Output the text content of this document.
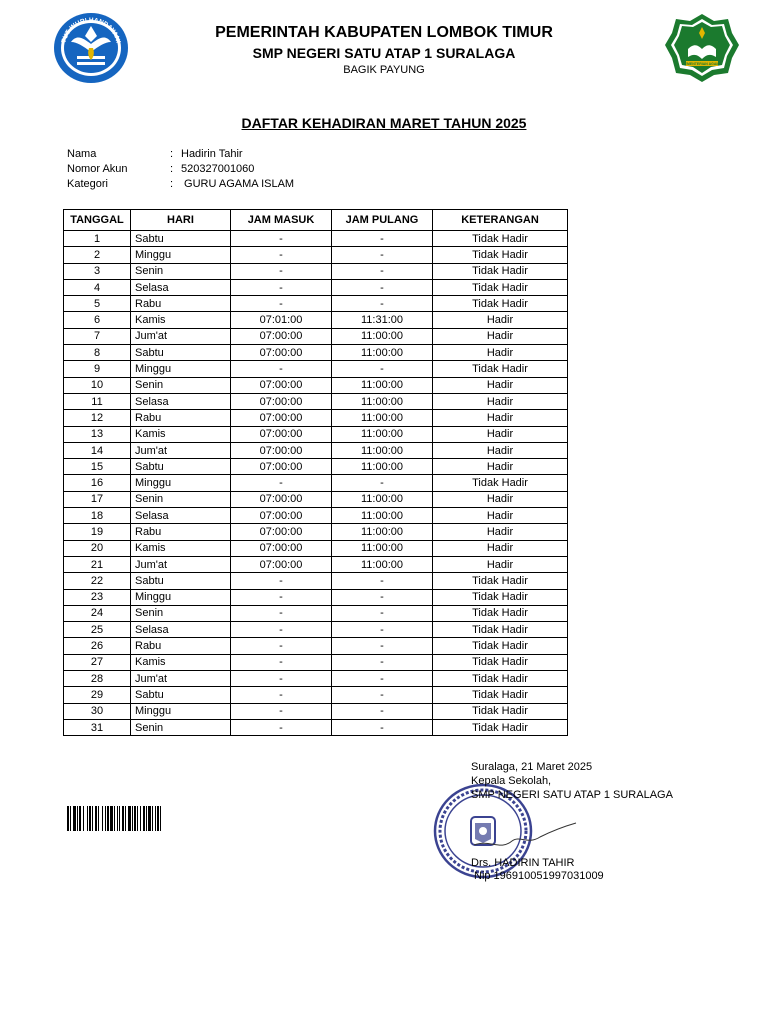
TUT WURI HANDAYANI
KEMENTERIAN AGAMA
PEMERINTAH KABUPATEN LOMBOK TIMUR
SMP NEGERI SATU ATAP 1 SURALAGA
BAGIK PAYUNG
DAFTAR KEHADIRAN MARET TAHUN 2025
Nama	: Hadirin Tahir
Nomor Akun	: 520327001060
Kategori	: GURU AGAMA ISLAM
TANGGAL	HARI	JAM MASUK	JAM PULANG	KETERANGAN
1	Sabtu	-	-	Tidak Hadir
2	Minggu	-	-	Tidak Hadir
3	Senin	-	-	Tidak Hadir
4	Selasa	-	-	Tidak Hadir
5	Rabu	-	-	Tidak Hadir
6	Kamis	07:01:00	11:31:00	Hadir
7	Jum'at	07:00:00	11:00:00	Hadir
8	Sabtu	07:00:00	11:00:00	Hadir
9	Minggu	-	-	Tidak Hadir
10	Senin	07:00:00	11:00:00	Hadir
11	Selasa	07:00:00	11:00:00	Hadir
12	Rabu	07:00:00	11:00:00	Hadir
13	Kamis	07:00:00	11:00:00	Hadir
14	Jum'at	07:00:00	11:00:00	Hadir
15	Sabtu	07:00:00	11:00:00	Hadir
16	Minggu	-	-	Tidak Hadir
17	Senin	07:00:00	11:00:00	Hadir
18	Selasa	07:00:00	11:00:00	Hadir
19	Rabu	07:00:00	11:00:00	Hadir
20	Kamis	07:00:00	11:00:00	Hadir
21	Jum'at	07:00:00	11:00:00	Hadir
22	Sabtu	-	-	Tidak Hadir
23	Minggu	-	-	Tidak Hadir
24	Senin	-	-	Tidak Hadir
25	Selasa	-	-	Tidak Hadir
26	Rabu	-	-	Tidak Hadir
27	Kamis	-	-	Tidak Hadir
28	Jum'at	-	-	Tidak Hadir
29	Sabtu	-	-	Tidak Hadir
30	Minggu	-	-	Tidak Hadir
31	Senin	-	-	Tidak Hadir
Suralaga, 21 Maret 2025
Kepala Sekolah,
SMP NEGERI SATU ATAP 1 SURALAGA
Drs. HADIRIN TAHIR
Nip 196910051997031009
